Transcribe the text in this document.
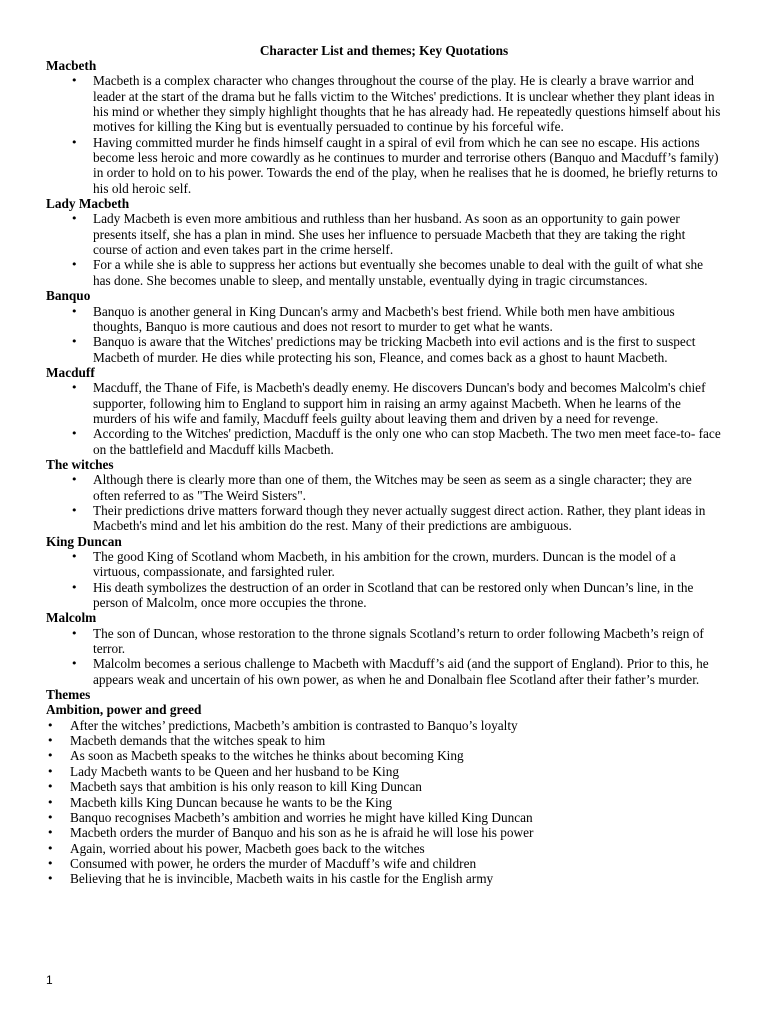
Character List and themes; Key Quotations
Macbeth
• Macbeth is a complex character who changes throughout the course of the play. He is clearly a brave warrior and leader at the start of the drama but he falls victim to the Witches' predictions. It is unclear whether they plant ideas in his mind or whether they simply highlight thoughts that he has already had. He repeatedly questions himself about his motives for killing the King but is eventually persuaded to continue by his forceful wife.
• Having committed murder he finds himself caught in a spiral of evil from which he can see no escape. His actions become less heroic and more cowardly as he continues to murder and terrorise others (Banquo and Macduff’s family) in order to hold on to his power. Towards the end of the play, when he realises that he is doomed, he briefly returns to his old heroic self.
Lady Macbeth
• Lady Macbeth is even more ambitious and ruthless than her husband. As soon as an opportunity to gain power presents itself, she has a plan in mind. She uses her influence to persuade Macbeth that they are taking the right course of action and even takes part in the crime herself.
• For a while she is able to suppress her actions but eventually she becomes unable to deal with the guilt of what she has done. She becomes unable to sleep, and mentally unstable, eventually dying in tragic circumstances.
Banquo
• Banquo is another general in King Duncan's army and Macbeth's best friend. While both men have ambitious thoughts, Banquo is more cautious and does not resort to murder to get what he wants.
• Banquo is aware that the Witches' predictions may be tricking Macbeth into evil actions and is the first to suspect Macbeth of murder. He dies while protecting his son, Fleance, and comes back as a ghost to haunt Macbeth.
Macduff
• Macduff, the Thane of Fife, is Macbeth's deadly enemy. He discovers Duncan's body and becomes Malcolm's chief supporter, following him to England to support him in raising an army against Macbeth. When he learns of the murders of his wife and family, Macduff feels guilty about leaving them and driven by a need for revenge.
• According to the Witches' prediction, Macduff is the only one who can stop Macbeth. The two men meet face-to- face on the battlefield and Macduff kills Macbeth.
The witches
• Although there is clearly more than one of them, the Witches may be seen as seem as a single character; they are often referred to as "The Weird Sisters".
• Their predictions drive matters forward though they never actually suggest direct action. Rather, they plant ideas in Macbeth's mind and let his ambition do the rest. Many of their predictions are ambiguous.
King Duncan
• The good King of Scotland whom Macbeth, in his ambition for the crown, murders. Duncan is the model of a virtuous, compassionate, and farsighted ruler.
• His death symbolizes the destruction of an order in Scotland that can be restored only when Duncan’s line, in the person of Malcolm, once more occupies the throne.
Malcolm
• The son of Duncan, whose restoration to the throne signals Scotland’s return to order following Macbeth’s reign of terror.
• Malcolm becomes a serious challenge to Macbeth with Macduff’s aid (and the support of England). Prior to this, he appears weak and uncertain of his own power, as when he and Donalbain flee Scotland after their father’s murder.
Themes
Ambition, power and greed
• After the witches’ predictions, Macbeth’s ambition is contrasted to Banquo’s loyalty
• Macbeth demands that the witches speak to him
• As soon as Macbeth speaks to the witches he thinks about becoming King
• Lady Macbeth wants to be Queen and her husband to be King
• Macbeth says that ambition is his only reason to kill King Duncan
• Macbeth kills King Duncan because he wants to be the King
• Banquo recognises Macbeth’s ambition and worries he might have killed King Duncan
• Macbeth orders the murder of Banquo and his son as he is afraid he will lose his power
• Again, worried about his power, Macbeth goes back to the witches
• Consumed with power, he orders the murder of Macduff’s wife and children
• Believing that he is invincible, Macbeth waits in his castle for the English army
1
